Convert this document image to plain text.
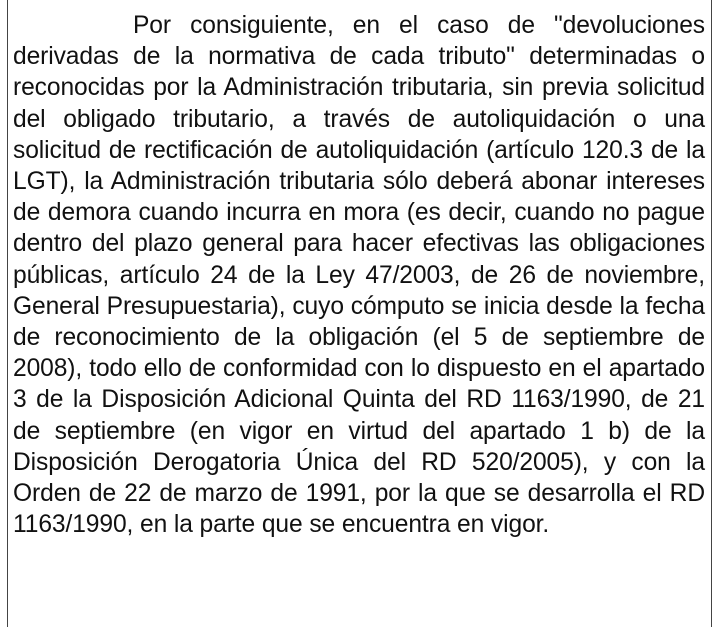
Por consiguiente, en el caso de "devoluciones derivadas de la normativa de cada tributo" determinadas o reconocidas por la Administración tributaria, sin previa solicitud del obligado tributario, a través de autoliquidación o una solicitud de rectificación de autoliquidación (artículo 120.3 de la LGT), la Administración tributaria sólo deberá abonar intereses de demora cuando incurra en mora (es decir, cuando no pague dentro del plazo general para hacer efectivas las obligaciones públicas, artículo 24 de la Ley 47/2003, de 26 de noviembre, General Presupuestaria), cuyo cómputo se inicia desde la fecha de reconocimiento de la obligación (el 5 de septiembre de 2008), todo ello de conformidad con lo dispuesto en el apartado 3 de la Disposición Adicional Quinta del RD 1163/1990, de 21 de septiembre (en vigor en virtud del apartado 1 b) de la Disposición Derogatoria Única del RD 520/2005), y con la Orden de 22 de marzo de 1991, por la que se desarrolla el RD 1163/1990, en la parte que se encuentra en vigor.
